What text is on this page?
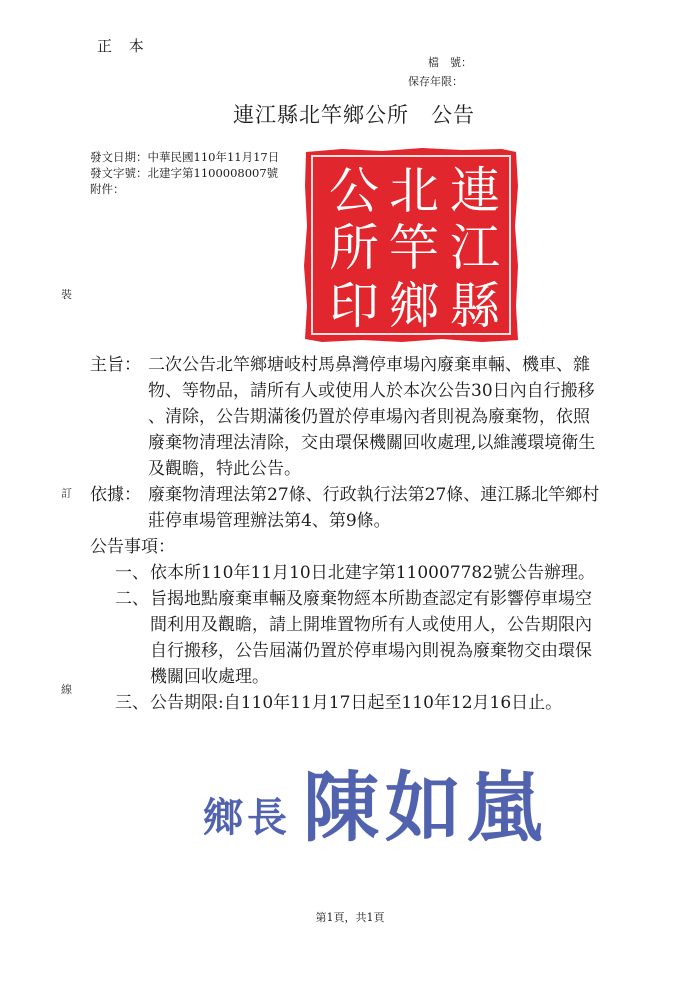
正 本
檔　號：
保存年限：
連江縣北竿鄉公所　公告
發文日期：中華民國110年11月17日
發文字號：北建字第1100008007號
附件：
裝
訂
線
連
江
縣
北
竿
鄉
公
所
印
主旨： 二次公告北竿鄉塘岐村馬鼻灣停車場內廢棄車輛、機車、雜
物、等物品，請所有人或使用人於本次公告30日內自行搬移
、清除，公告期滿後仍置於停車場內者則視為廢棄物，依照
廢棄物清理法清除，交由環保機關回收處理,以維護環境衛生
及觀瞻，特此公告。
依據： 廢棄物清理法第27條、行政執行法第27條、連江縣北竿鄉村
莊停車場管理辦法第4、第9條。
公告事項：
一、 依本所110年11月10日北建字第110007782號公告辦理。
二、 旨揭地點廢棄車輛及廢棄物經本所勘查認定有影響停車場空
間利用及觀瞻，請上開堆置物所有人或使用人，公告期限內
自行搬移，公告屆滿仍置於停車場內則視為廢棄物交由環保
機關回收處理。
三、 公告期限:自110年11月17日起至110年12月16日止。
鄉長 陳如嵐
第1頁，共1頁
